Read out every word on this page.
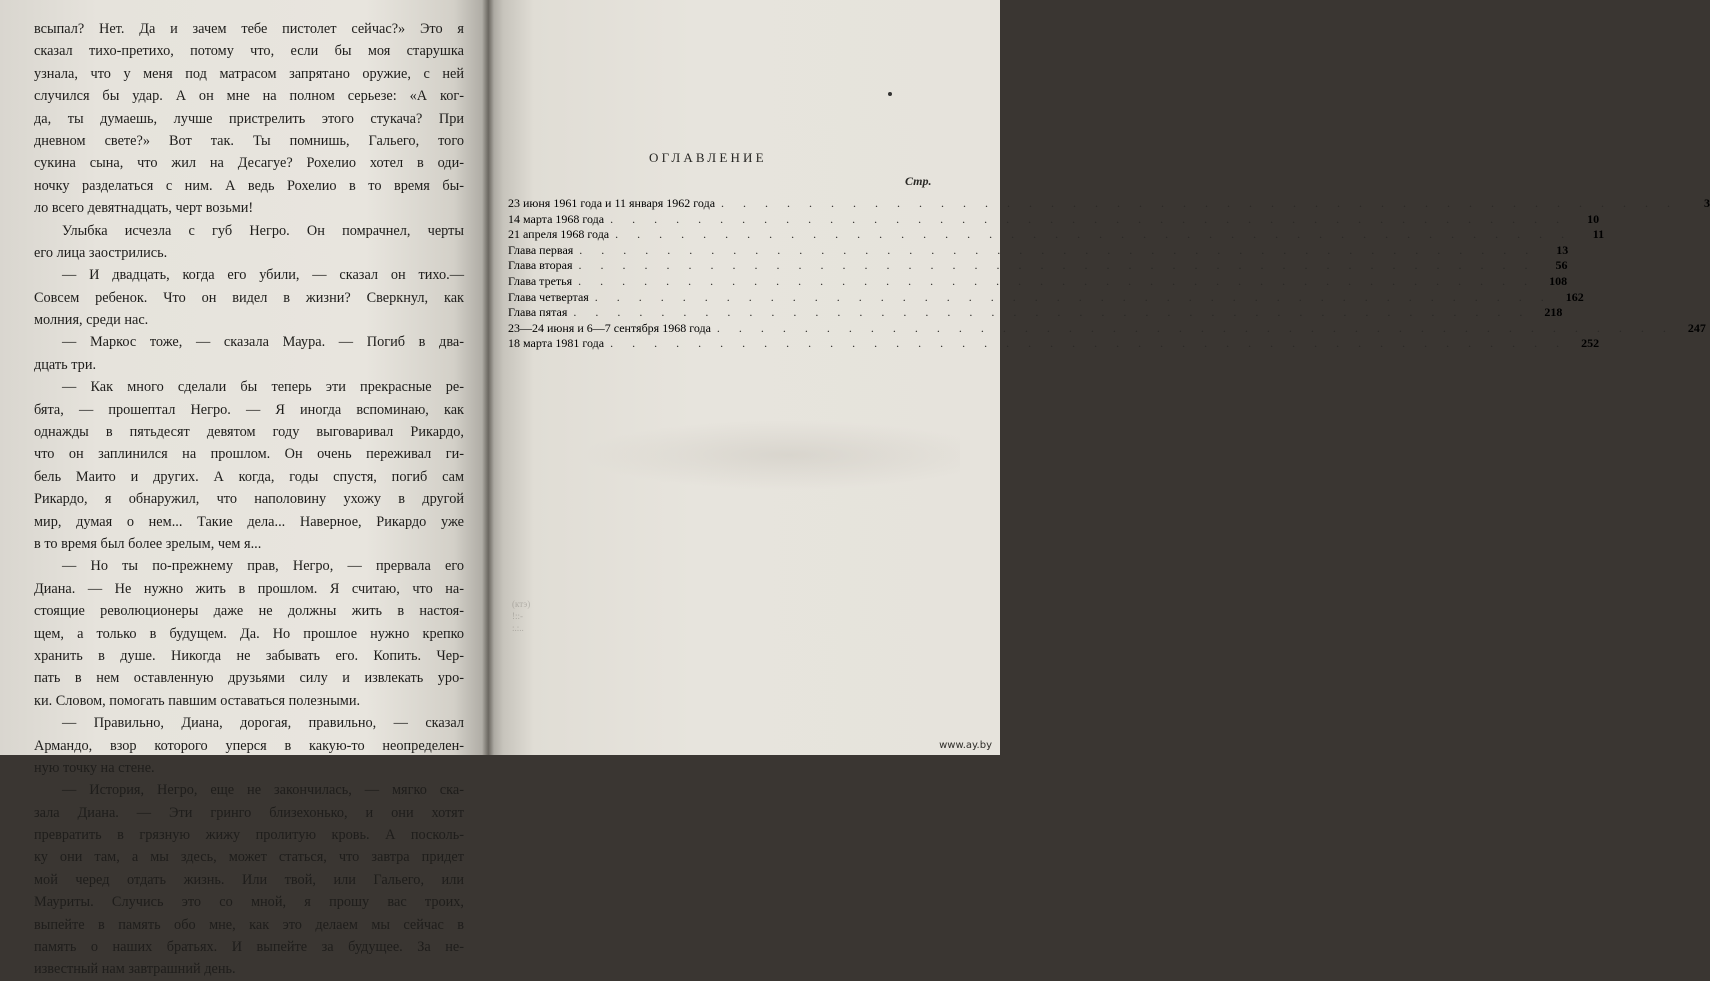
всыпал? Нет. Да и зачем тебе пистолет сейчас?» Это я
сказал тихо-претихо, потому что, если бы моя старушка
узнала, что у меня под матрасом запрятано оружие, с ней
случился бы удар. А он мне на полном серьезе: «А ког-
да, ты думаешь, лучше пристрелить этого стукача? При
дневном свете?» Вот так. Ты помнишь, Гальего, того
сукина сына, что жил на Десагуе? Рохелио хотел в оди-
ночку разделаться с ним. А ведь Рохелио в то время бы-
ло всего девятнадцать, черт возьми!
Улыбка исчезла с губ Негро. Он помрачнел, черты
его лица заострились.
— И двадцать, когда его убили, — сказал он тихо.—
Совсем ребенок. Что он видел в жизни? Сверкнул, как
молния, среди нас.
— Маркос тоже, — сказала Маура. — Погиб в два-
дцать три.
— Как много сделали бы теперь эти прекрасные ре-
бята, — прошептал Негро. — Я иногда вспоминаю, как
однажды в пятьдесят девятом году выговаривал Рикардо,
что он заплинился на прошлом. Он очень переживал ги-
бель Маито и других. А когда, годы спустя, погиб сам
Рикардо, я обнаружил, что наполовину ухожу в другой
мир, думая о нем... Такие дела... Наверное, Рикардо уже
в то время был более зрелым, чем я...
— Но ты по-прежнему прав, Негро, — прервала его
Диана. — Не нужно жить в прошлом. Я считаю, что на-
стоящие революционеры даже не должны жить в настоя-
щем, а только в будущем. Да. Но прошлое нужно крепко
хранить в душе. Никогда не забывать его. Копить. Чер-
пать в нем оставленную друзьями силу и извлекать уро-
ки. Словом, помогать павшим оставаться полезными.
— Правильно, Диана, дорогая, правильно, — сказал
Армандо, взор которого уперся в какую-то неопределен-
ную точку на стене.
— История, Негро, еще не закончилась, — мягко ска-
зала Диана. — Эти гринго близехонько, и они хотят
превратить в грязную жижу пролитую кровь. А посколь-
ку они там, а мы здесь, может статься, что завтра придет
мой черед отдать жизнь. Или твой, или Гальего, или
Мауриты. Случись это со мной, я прошу вас троих,
выпейте в память обо мне, как это делаем мы сейчас в
память о наших братьях. И выпейте за будущее. За не-
известный нам завтрашний день.
(ктэ)
!::-
:.:..
ОГЛАВЛЕНИЕ
Стр.
23 июня 1961 года и 11 января 1962 года . . .	3
14 марта 1968 года . . .	10
21 апреля 1968 года . . .	11
Глава первая . . .	13
Глава вторая . . .	56
Глава третья . . .	108
Глава четвертая . . .	162
Глава пятая . . .	218
23—24 июня и 6—7 сентября 1968 года . . .	247
18 марта 1981 года . . .	252
www.ay.by
